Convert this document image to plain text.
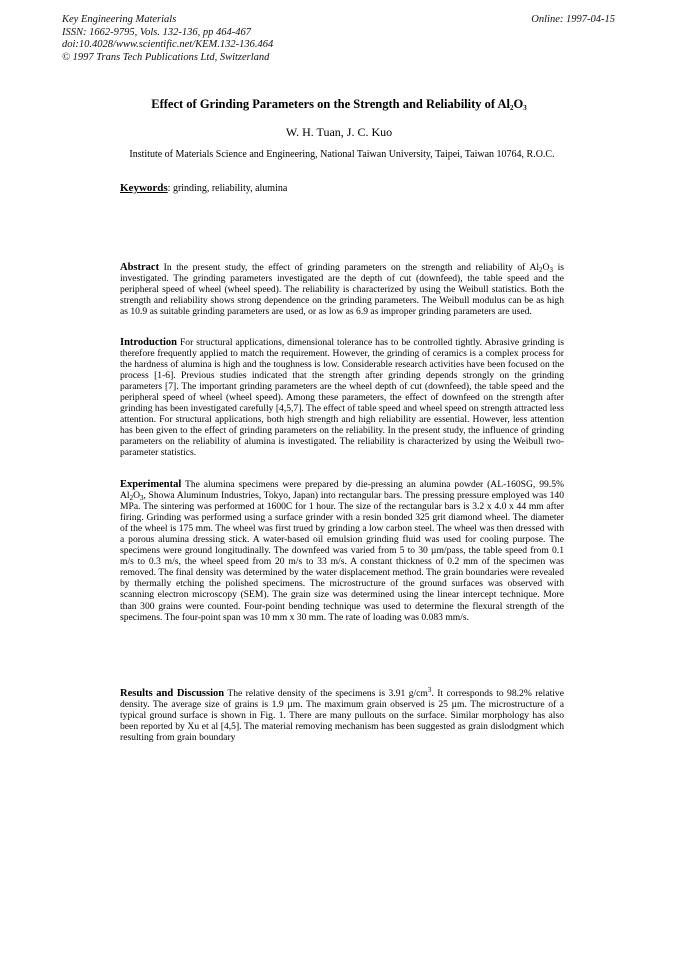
Key Engineering Materials
ISSN: 1662-9795, Vols. 132-136, pp 464-467
doi:10.4028/www.scientific.net/KEM.132-136.464
© 1997 Trans Tech Publications Ltd, Switzerland
Online: 1997-04-15
Effect of Grinding Parameters on the Strength and Reliability of $Al_2O_3$
W. H. Tuan, J. C. Kuo
Institute of Materials Science and Engineering, National Taiwan University, Taipei, Taiwan 10764, R.O.C.
Keywords: grinding, reliability, alumina
Abstract In the present study, the effect of grinding parameters on the strength and reliability of $Al_2O_3$ is investigated. The grinding parameters investigated are the depth of cut (downfeed), the table speed and the peripheral speed of wheel (wheel speed). The reliability is characterized by using the Weibull statistics. Both the strength and reliability shows strong dependence on the grinding parameters. The Weibull modulus can be as high as 10.9 as suitable grinding parameters are used, or as low as 6.9 as improper grinding parameters are used.
Introduction For structural applications, dimensional tolerance has to be controlled tightly. Abrasive grinding is therefore frequently applied to match the requirement. However, the grinding of ceramics is a complex process for the hardness of alumina is high and the toughness is low. Considerable research activities have been focused on the process [1-6]. Previous studies indicated that the strength after grinding depends strongly on the grinding parameters [7]. The important grinding parameters are the wheel depth of cut (downfeed), the table speed and the peripheral speed of wheel (wheel speed). Among these parameters, the effect of downfeed on the strength after grinding has been investigated carefully [4,5,7]. The effect of table speed and wheel speed on strength attracted less attention. For structural applications, both high strength and high reliability are essential. However, less attention has been given to the effect of grinding parameters on the reliability. In the present study, the influence of grinding parameters on the reliability of alumina is investigated. The reliability is characterized by using the Weibull two-parameter statistics.
Experimental The alumina specimens were prepared by die-pressing an alumina powder (AL-160SG, 99.5% $Al_2O_3$, Showa Aluminum Industries, Tokyo, Japan) into rectangular bars. The pressing pressure employed was 140 MPa. The sintering was performed at 1600C for 1 hour. The size of the rectangular bars is 3.2 x 4.0 x 44 mm after firing. Grinding was performed using a surface grinder with a resin bonded 325 grit diamond wheel. The diameter of the wheel is 175 mm. The wheel was first trued by grinding a low carbon steel. The wheel was then dressed with a porous alumina dressing stick. A water-based oil emulsion grinding fluid was used for cooling purpose. The specimens were ground longitudinally. The downfeed was varied from 5 to 30 µm/pass, the table speed from 0.1 m/s to 0.3 m/s, the wheel speed from 20 m/s to 33 m/s. A constant thickness of 0.2 mm of the specimen was removed. The final density was determined by the water displacement method. The grain boundaries were revealed by thermally etching the polished specimens. The microstructure of the ground surfaces was observed with scanning electron microscopy (SEM). The grain size was determined using the linear intercept technique. More than 300 grains were counted. Four-point bending technique was used to determine the flexural strength of the specimens. The four-point span was 10 mm x 30 mm. The rate of loading was 0.083 mm/s.
Results and Discussion The relative density of the specimens is 3.91 $g/cm^3$. It corresponds to 98.2% relative density. The average size of grains is 1.9 µm. The maximum grain observed is 25 µm. The microstructure of a typical ground surface is shown in Fig. 1. There are many pullouts on the surface. Similar morphology has also been reported by Xu et al [4,5]. The material removing mechanism has been suggested as grain dislodgment which resulting from grain boundary
